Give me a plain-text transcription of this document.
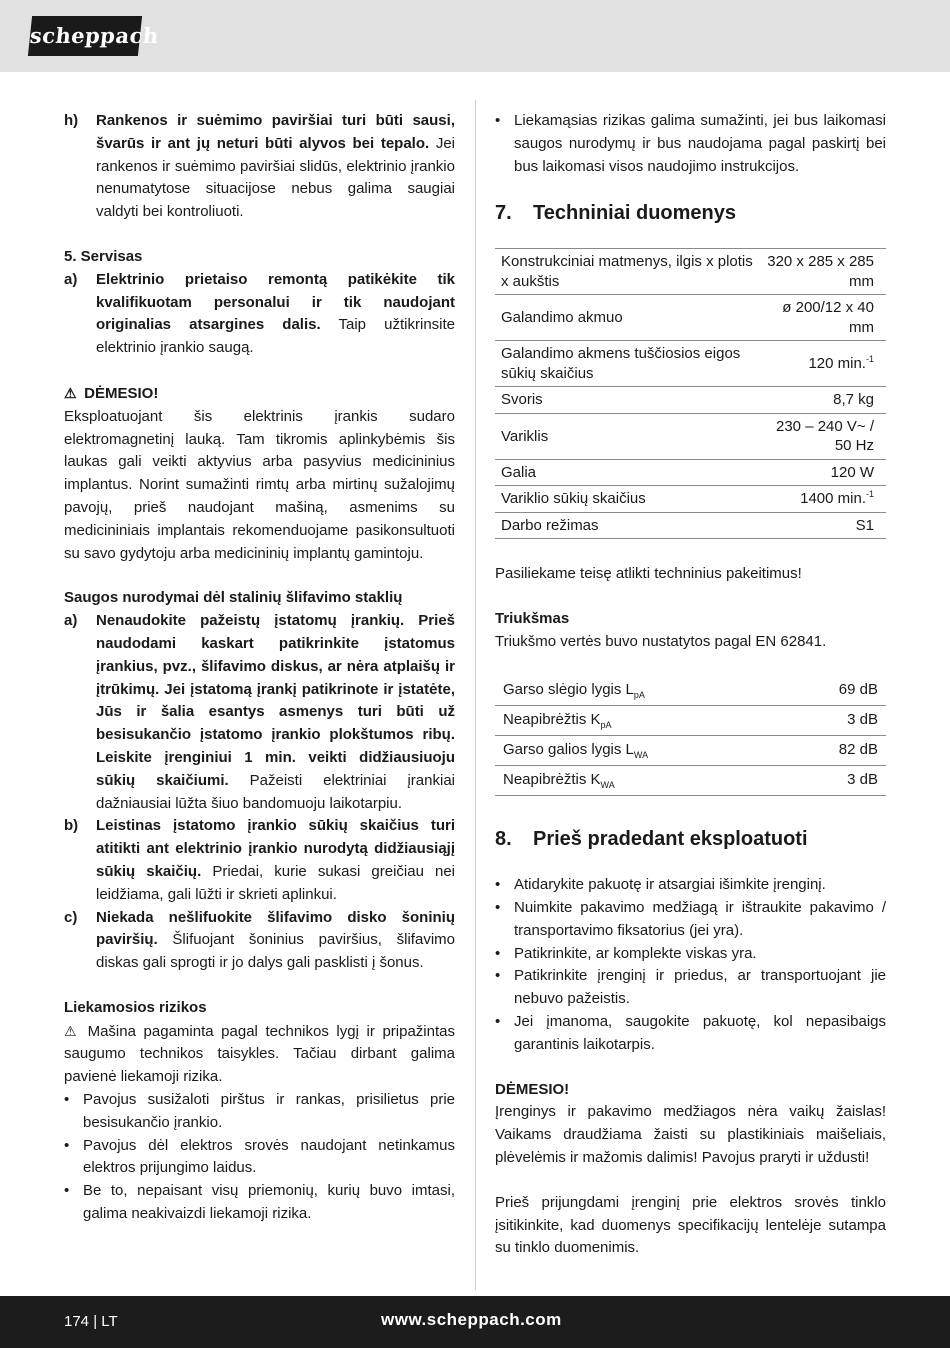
scheppach
h)	Rankenos ir suėmimo paviršiai turi būti sausi, švarūs ir ant jų neturi būti alyvos bei tepalo. Jei rankenos ir suėmimo paviršiai slidūs, elektrinio įrankio nenumatytose situacijose nebus galima saugiai valdyti bei kontroliuoti.
5. Servisas
a)	Elektrinio prietaiso remontą patikėkite tik kvalifikuotam personalui ir tik naudojant originalias atsargines dalis. Taip užtikrinsite elektrinio įrankio saugą.
⚠ DĖMESIO!
Eksploatuojant šis elektrinis įrankis sudaro elektromagnetinį lauką. Tam tikromis aplinkybėmis šis laukas gali veikti aktyvius arba pasyvius medicininius implantus. Norint sumažinti rimtų arba mirtinų sužalojimų pavojų, prieš naudojant mašiną, asmenims su medicininiais implantais rekomenduojame pasikonsultuoti su savo gydytoju arba medicininių implantų gamintoju.
Saugos nurodymai dėl stalinių šlifavimo staklių
a)	Nenaudokite pažeistų įstatomų įrankių. Prieš naudodami kaskart patikrinkite įstatomus įrankius, pvz., šlifavimo diskus, ar nėra atplaišų ir įtrūkimų. Jei įstatomą įrankį patikrinote ir įstatėte, Jūs ir šalia esantys asmenys turi būti už besisukančio įstatomo įrankio plokštumos ribų. Leiskite įrenginiui 1 min. veikti didžiausiuoju sūkių skaičiumi. Pažeisti elektriniai įrankiai dažniausiai lūžta šiuo bandomuoju laikotarpiu.
b)	Leistinas įstatomo įrankio sūkių skaičius turi atitikti ant elektrinio įrankio nurodytą didžiausiąjį sūkių skaičių. Priedai, kurie sukasi greičiau nei leidžiama, gali lūžti ir skrieti aplinkui.
c)	Niekada nešlifuokite šlifavimo disko šoninių paviršių. Šlifuojant šoninius paviršius, šlifavimo diskas gali sprogti ir jo dalys gali pasklisti į šonus.
Liekamosios rizikos
⚠ Mašina pagaminta pagal technikos lygį ir pripažintas saugumo technikos taisykles. Tačiau dirbant galima pavienė liekamoji rizika.
• Pavojus susižaloti pirštus ir rankas, prisilietus prie besisukančio įrankio.
• Pavojus dėl elektros srovės naudojant netinkamus elektros prijungimo laidus.
• Be to, nepaisant visų priemonių, kurių buvo imtasi, galima neakivaizdi liekamoji rizika.
• Liekamąsias rizikas galima sumažinti, jei bus laikomasi saugos nurodymų ir bus naudojama pagal paskirtį bei bus laikomasi visos naudojimo instrukcijos.
7.	Techniniai duomenys
Konstrukciniai matmenys, ilgis x plotis x aukštis	320 x 285 x 285 mm
Galandimo akmuo	ø 200/12 x 40 mm
Galandimo akmens tuščiosios eigos sūkių skaičius	120 min.$^{-1}$
Svoris	8,7 kg
Variklis	230 – 240 V~ / 50 Hz
Galia	120 W
Variklio sūkių skaičius	1400 min.$^{-1}$
Darbo režimas	S1
Pasiliekame teisę atlikti techninius pakeitimus!
Triukšmas
Triukšmo vertės buvo nustatytos pagal EN 62841.
Garso slėgio lygis $L_{pA}$	69 dB
Neapibrėžtis $K_{pA}$	3 dB
Garso galios lygis $L_{WA}$	82 dB
Neapibrėžtis $K_{WA}$	3 dB
8.	Prieš pradedant eksploatuoti
• Atidarykite pakuotę ir atsargiai išimkite įrenginį.
• Nuimkite pakavimo medžiagą ir ištraukite pakavimo / transportavimo fiksatorius (jei yra).
• Patikrinkite, ar komplekte viskas yra.
• Patikrinkite įrenginį ir priedus, ar transportuojant jie nebuvo pažeistis.
• Jei įmanoma, saugokite pakuotę, kol nepasibaigs garantinis laikotarpis.
DĖMESIO!
Įrenginys ir pakavimo medžiagos nėra vaikų žaislas! Vaikams draudžiama žaisti su plastikiniais maišeliais, plėvelėmis ir mažomis dalimis! Pavojus praryti ir uždusti!
Prieš prijungdami įrenginį prie elektros srovės tinklo įsitikinkite, kad duomenys specifikacijų lentelėje sutampa su tinklo duomenimis.
174 | LT	www.scheppach.com
